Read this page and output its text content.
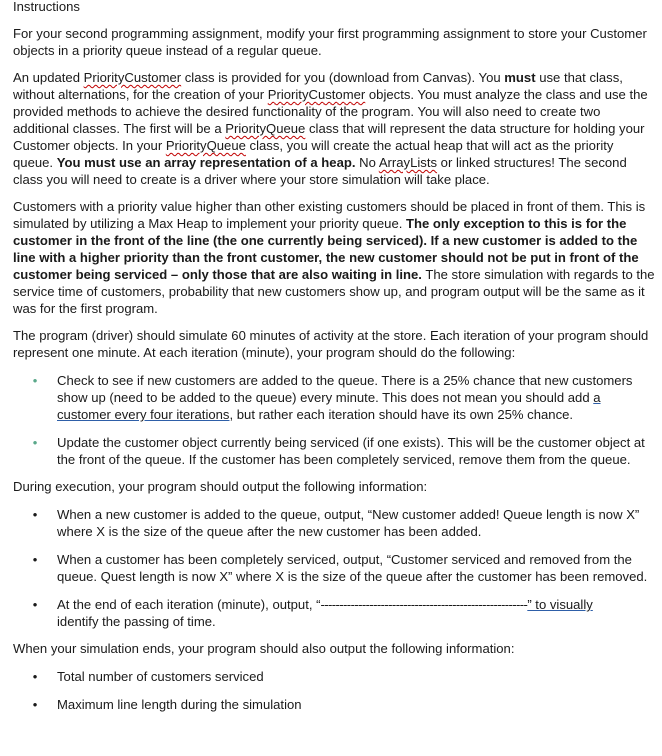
Instructions

For your second programming assignment, modify your first programming assignment to store your Customer objects in a priority queue instead of a regular queue.

An updated PriorityCustomer class is provided for you (download from Canvas). You must use that class, without alternations, for the creation of your PriorityCustomer objects. You must analyze the class and use the provided methods to achieve the desired functionality of the program. You will also need to create two additional classes. The first will be a PriorityQueue class that will represent the data structure for holding your Customer objects. In your PriorityQueue class, you will create the actual heap that will act as the priority queue. You must use an array representation of a heap. No ArrayLists or linked structures! The second class you will need to create is a driver where your store simulation will take place.

Customers with a priority value higher than other existing customers should be placed in front of them. This is simulated by utilizing a Max Heap to implement your priority queue. The only exception to this is for the customer in the front of the line (the one currently being serviced). If a new customer is added to the line with a higher priority than the front customer, the new customer should not be put in front of the customer being serviced – only those that are also waiting in line. The store simulation with regards to the service time of customers, probability that new customers show up, and program output will be the same as it was for the first program.

The program (driver) should simulate 60 minutes of activity at the store. Each iteration of your program should represent one minute. At each iteration (minute), your program should do the following:

• Check to see if new customers are added to the queue. There is a 25% chance that new customers show up (need to be added to the queue) every minute. This does not mean you should add a customer every four iterations, but rather each iteration should have its own 25% chance.
• Update the customer object currently being serviced (if one exists). This will be the customer object at the front of the queue. If the customer has been completely serviced, remove them from the queue.

During execution, your program should output the following information:

• When a new customer is added to the queue, output, “New customer added! Queue length is now X” where X is the size of the queue after the new customer has been added.
• When a customer has been completely serviced, output, “Customer serviced and removed from the queue. Quest length is now X” where X is the size of the queue after the customer has been removed.
• At the end of each iteration (minute), output, “-------------------------------------------------------” to visually
identify the passing of time.

When your simulation ends, your program should also output the following information:

• Total number of customers serviced
• Maximum line length during the simulation
